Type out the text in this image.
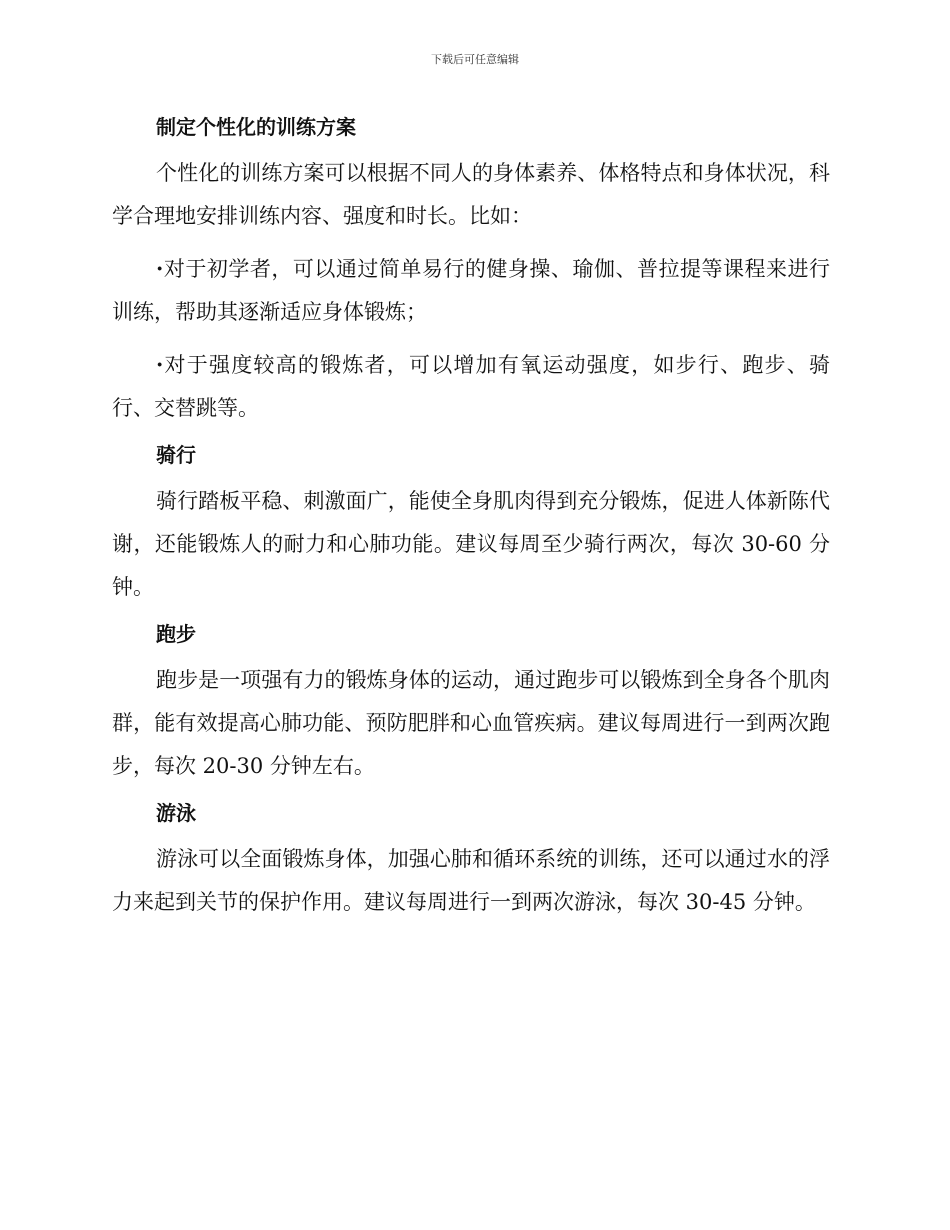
下载后可任意编辑
制定个性化的训练方案
个性化的训练方案可以根据不同人的身体素养、体格特点和身体状况，科学合理地安排训练内容、强度和时长。比如：
·对于初学者，可以通过简单易行的健身操、瑜伽、普拉提等课程来进行训练，帮助其逐渐适应身体锻炼；
·对于强度较高的锻炼者，可以增加有氧运动强度，如步行、跑步、骑行、交替跳等。
骑行
骑行踏板平稳、刺激面广，能使全身肌肉得到充分锻炼，促进人体新陈代谢，还能锻炼人的耐力和心肺功能。建议每周至少骑行两次，每次 30-60 分钟。
跑步
跑步是一项强有力的锻炼身体的运动，通过跑步可以锻炼到全身各个肌肉群，能有效提高心肺功能、预防肥胖和心血管疾病。建议每周进行一到两次跑步，每次 20-30 分钟左右。
游泳
游泳可以全面锻炼身体，加强心肺和循环系统的训练，还可以通过水的浮力来起到关节的保护作用。建议每周进行一到两次游泳，每次 30-45 分钟。
